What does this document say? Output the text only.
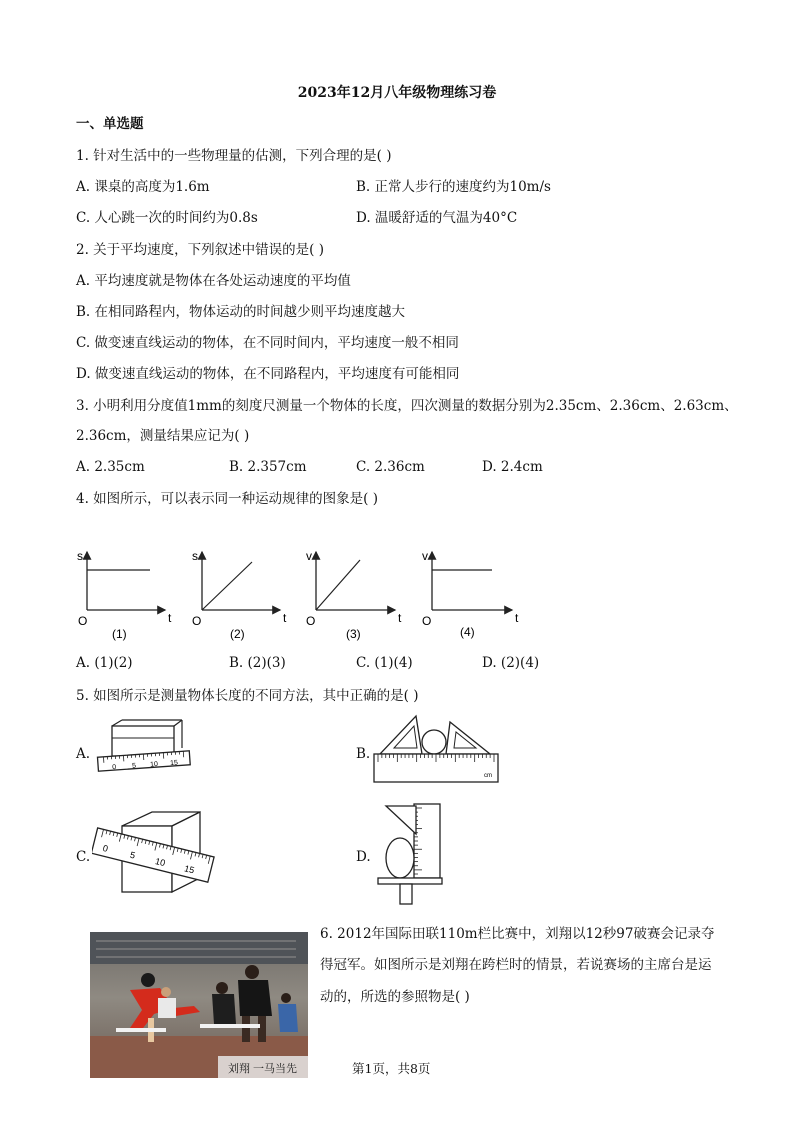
2023年12月八年级物理练习卷
一、单选题
1. 针对生活中的一些物理量的估测，下列合理的是( )
A. 课桌的高度为1.6m	B. 正常人步行的速度约为10m/s
C. 人心跳一次的时间约为0.8s	D. 温暖舒适的气温为40°C
2. 关于平均速度，下列叙述中错误的是( )
A. 平均速度就是物体在各处运动速度的平均值
B. 在相同路程内，物体运动的时间越少则平均速度越大
C. 做变速直线运动的物体，在不同时间内，平均速度一般不相同
D. 做变速直线运动的物体，在不同路程内，平均速度有可能相同
3. 小明利用分度值1mm的刻度尺测量一个物体的长度，四次测量的数据分别为2.35cm、2.36cm、2.63cm、
2.36cm，测量结果应记为( )
A. 2.35cm	B. 2.357cm	C. 2.36cm	D. 2.4cm
4. 如图所示，可以表示同一种运动规律的图象是( )
s
t
O
(1)
s
t
O
(2)
v
t
O
(3)
v
t
O
(4)
A. (1)(2)	B. (2)(3)	C. (1)(4)	D. (2)(4)
5. 如图所示是测量物体长度的不同方法，其中正确的是( )
A.
0 5 10 15
B.
cm
C.
0
5
10
15
D.
刘翔 一马当先
6. 2012年国际田联110m栏比赛中，刘翔以12秒97破赛会记录夺
得冠军。如图所示是刘翔在跨栏时的情景，若说赛场的主席台是运
动的，所选的参照物是( )
第1页，共8页
